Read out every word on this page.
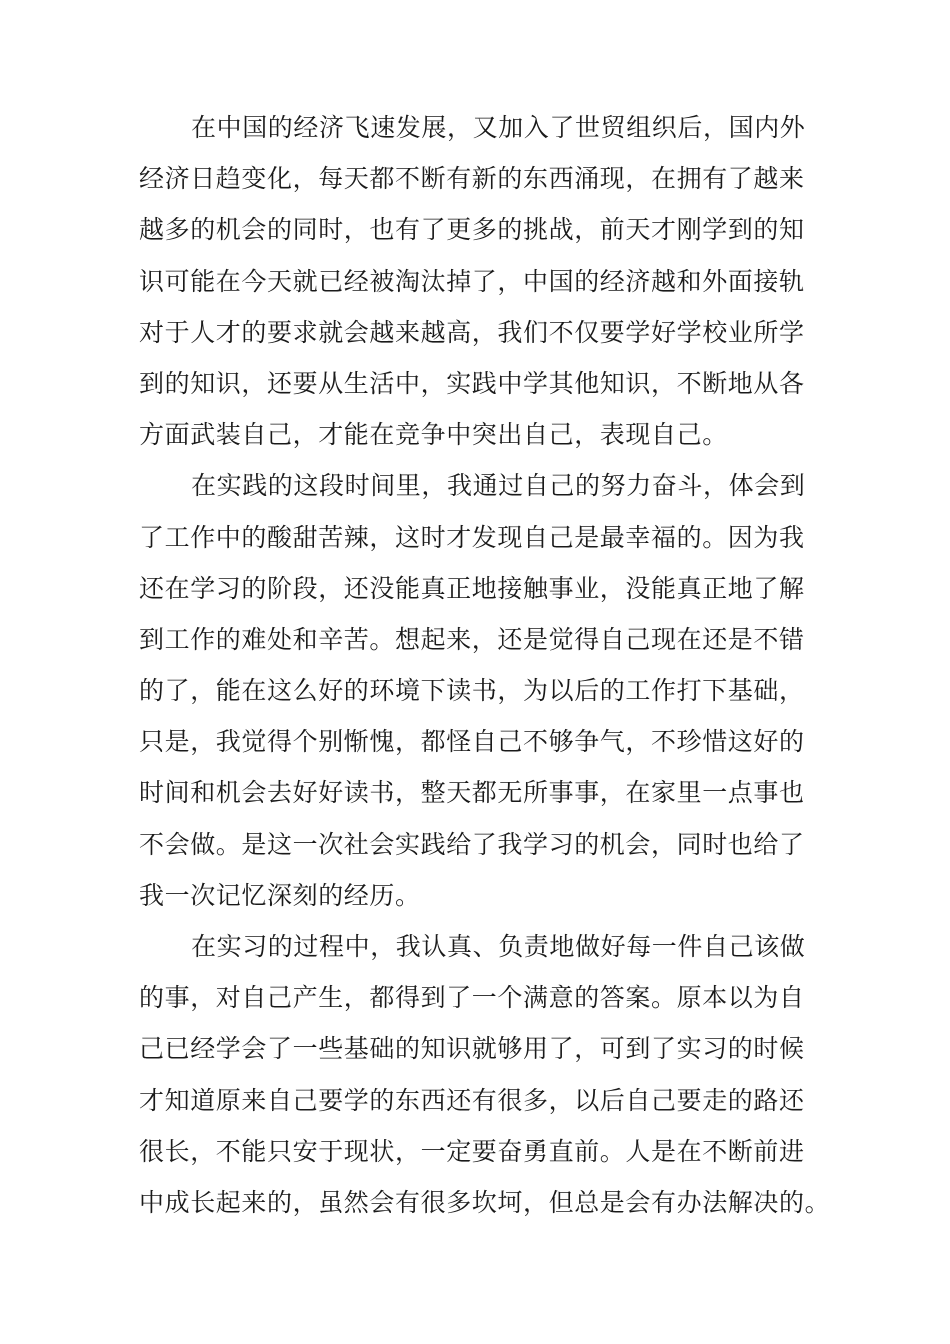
在中国的经济飞速发展，又加入了世贸组织后，国内外
经济日趋变化，每天都不断有新的东西涌现，在拥有了越来
越多的机会的同时，也有了更多的挑战，前天才刚学到的知
识可能在今天就已经被淘汰掉了，中国的经济越和外面接轨
对于人才的要求就会越来越高，我们不仅要学好学校业所学
到的知识，还要从生活中，实践中学其他知识，不断地从各
方面武装自己，才能在竞争中突出自己，表现自己。
在实践的这段时间里，我通过自己的努力奋斗，体会到
了工作中的酸甜苦辣，这时才发现自己是最幸福的。因为我
还在学习的阶段，还没能真正地接触事业，没能真正地了解
到工作的难处和辛苦。想起来，还是觉得自己现在还是不错
的了，能在这么好的环境下读书，为以后的工作打下基础，
只是，我觉得个别惭愧，都怪自己不够争气，不珍惜这好的
时间和机会去好好读书，整天都无所事事，在家里一点事也
不会做。是这一次社会实践给了我学习的机会，同时也给了
我一次记忆深刻的经历。
在实习的过程中，我认真、负责地做好每一件自己该做
的事，对自己产生，都得到了一个满意的答案。原本以为自
己已经学会了一些基础的知识就够用了，可到了实习的时候
才知道原来自己要学的东西还有很多，以后自己要走的路还
很长，不能只安于现状，一定要奋勇直前。人是在不断前进
中成长起来的，虽然会有很多坎坷，但总是会有办法解决的。
